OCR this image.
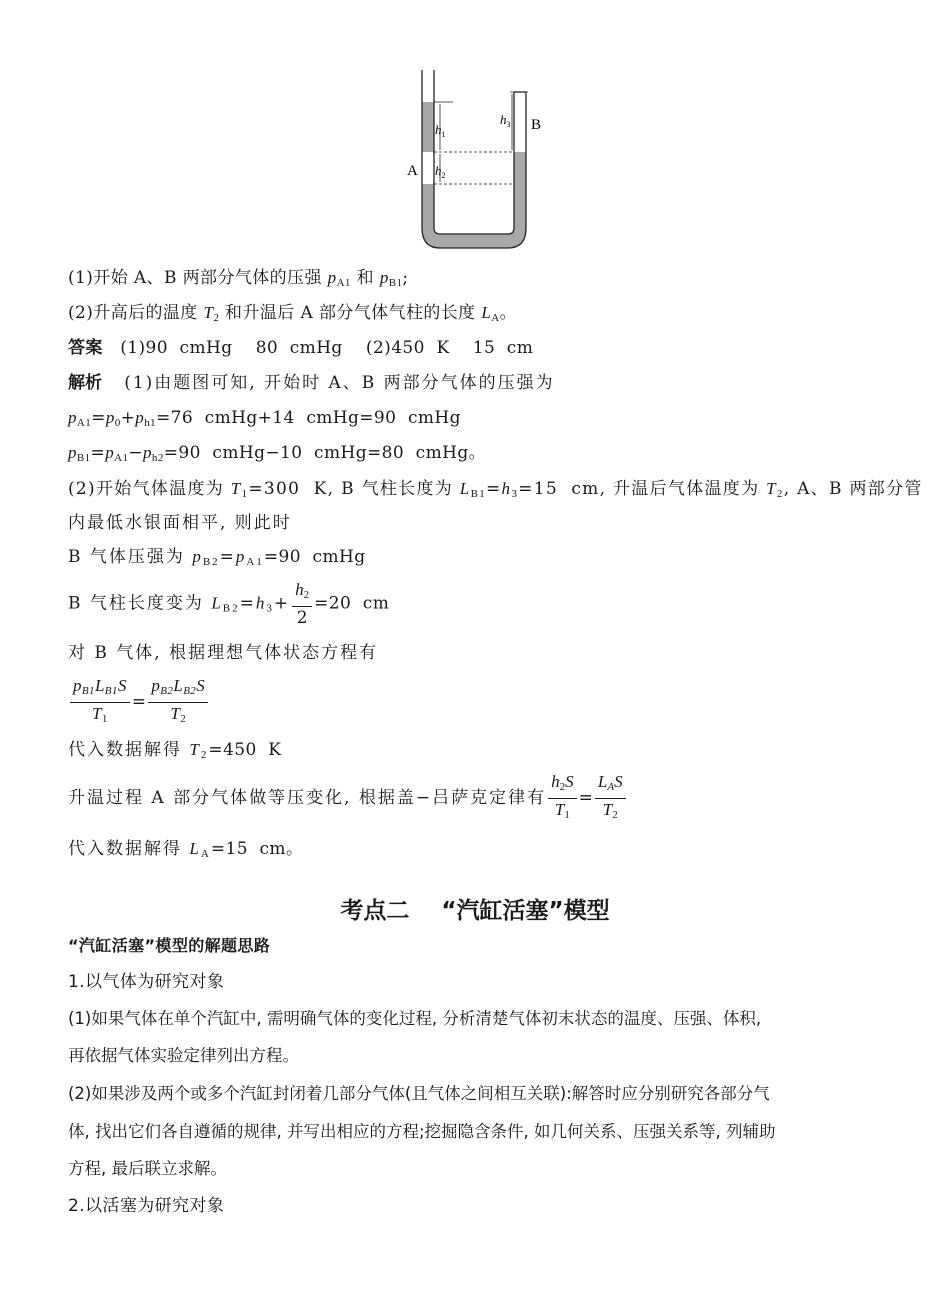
$h_1$
$h_2$
$h_3$
A
B
(1)开始 A、B 两部分气体的压强 $p_{A1}$ 和 $p_{B1}$;
(2)升高后的温度 $T_2$ 和升温后 A 部分气体气柱的长度 $L_A$。
答案 (1)90  cmHg    80  cmHg    (2)450  K    15  cm
解析 (1)由题图可知, 开始时 A、B 两部分气体的压强为
$p_{A1}=p_0+p_{h1}=76$  cmHg+14  cmHg=90  cmHg
$p_{B1}=p_{A1}-p_{h2}=90$  cmHg−10  cmHg=80  cmHg。
(2)开始气体温度为 $T_1=300$  K, B 气柱长度为 $L_{B1}=h_3=15$  cm, 升温后气体温度为 $T_2$, A、B 两部分管
内最低水银面相平, 则此时
B 气体压强为 $p_{B2}=p_{A1}=90$  cmHg
B 气柱长度变为 $L_{B2}=h_3+ \frac{h_2}{2} =20$  cm
对 B 气体, 根据理想气体状态方程有
$\frac{p_{B1}L_{B1}S}{T_1} = \frac{p_{B2}L_{B2}S}{T_2}$
代入数据解得 $T_2=450$  K
升温过程 A 部分气体做等压变化, 根据盖−吕萨克定律有 $\frac{h_2S}{T_1} = \frac{L_AS}{T_2}$
代入数据解得 $L_A=15$  cm。
考点二    “汽缸活塞”模型
“汽缸活塞”模型的解题思路
1.以气体为研究对象
(1)如果气体在单个汽缸中, 需明确气体的变化过程, 分析清楚气体初末状态的温度、压强、体积,
再依据气体实验定律列出方程。
(2)如果涉及两个或多个汽缸封闭着几部分气体(且气体之间相互关联):解答时应分别研究各部分气
体, 找出它们各自遵循的规律, 并写出相应的方程;挖掘隐含条件, 如几何关系、压强关系等, 列辅助
方程, 最后联立求解。
2.以活塞为研究对象
